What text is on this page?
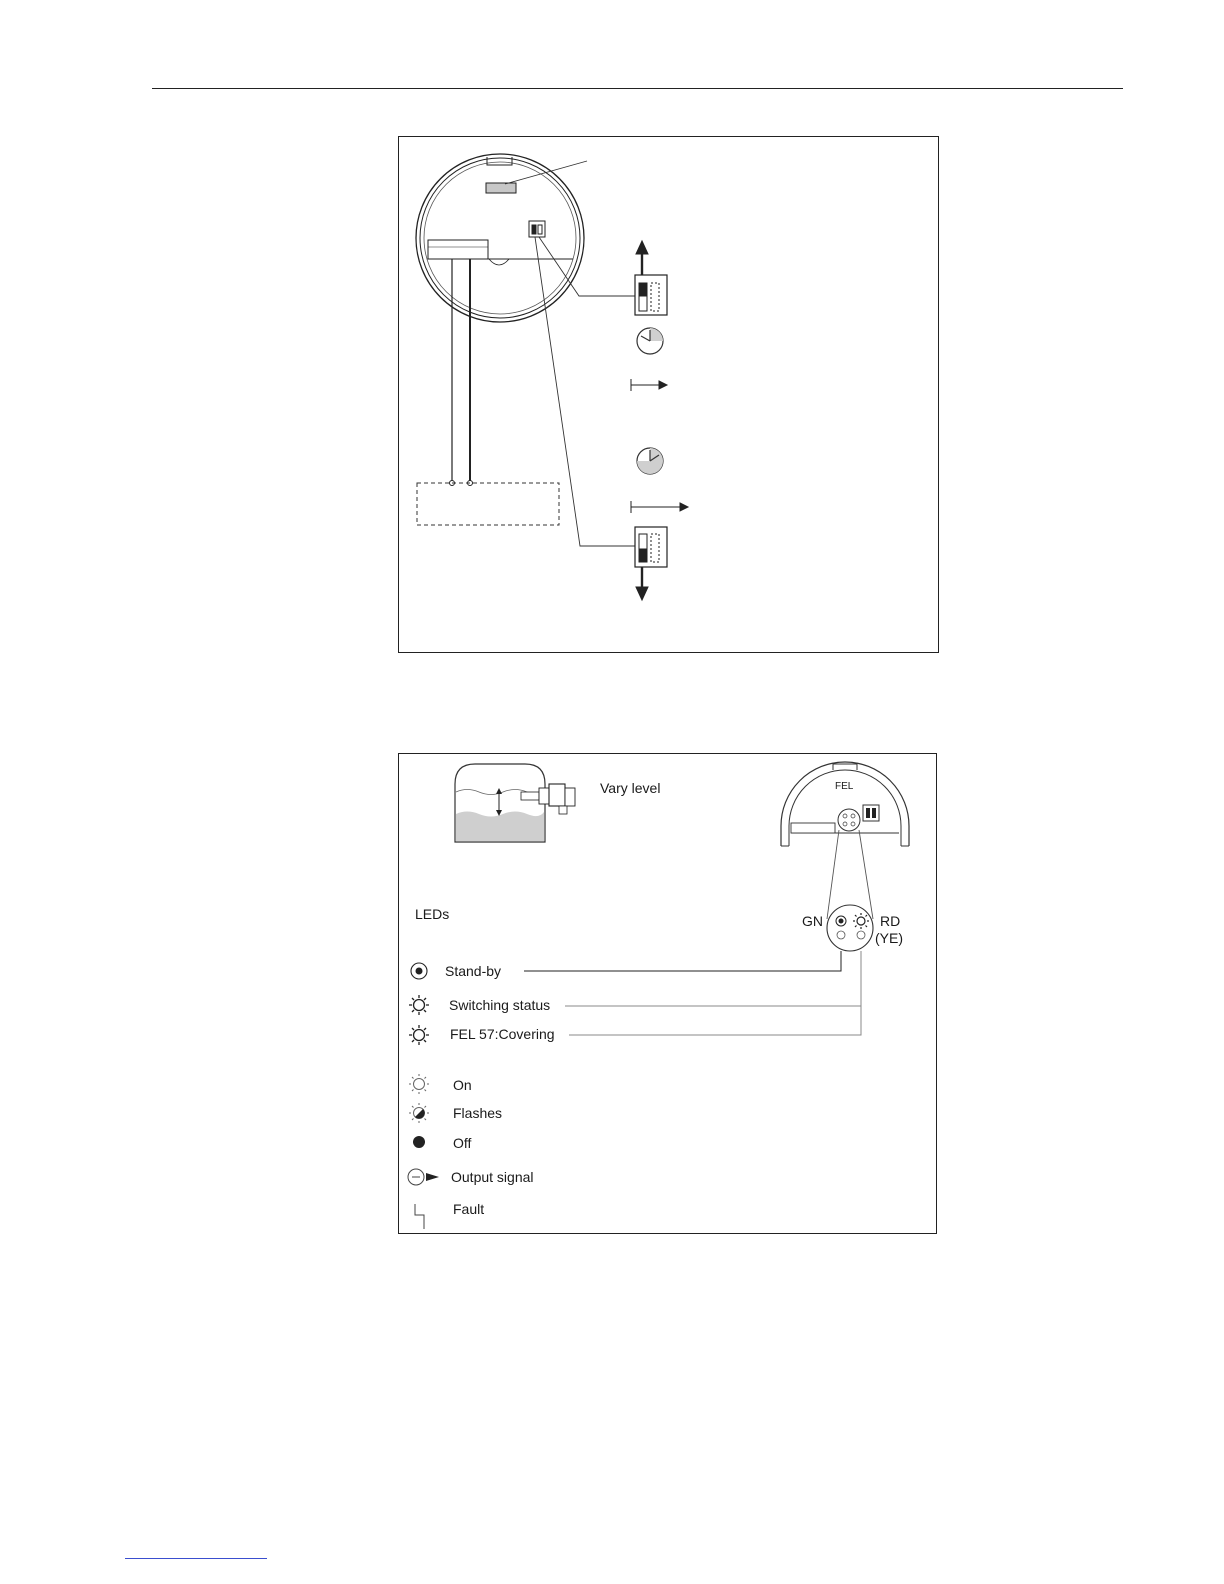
Vary level	FEL
LEDs	GN	RD
(YE)
Stand-by
Switching status
FEL 57:Covering
On
Flashes
Off
Output signal
Fault
